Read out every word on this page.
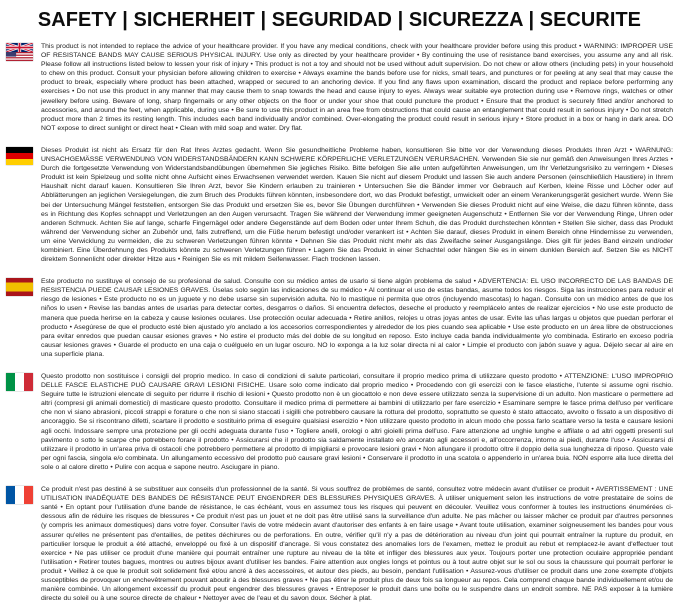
SAFETY | SICHERHEIT | SEGURIDAD | SICUREZZA | SECURITE
This product is not intended to replace the advice of your healthcare provider. If you have any medical conditions, check with your healthcare provider before using this product • WARNING: IMPROPER USE OF RESISTANCE BANDS MAY CAUSE SERIOUS PHYSICAL INJURY. Use only as directed by your healthcare provider • By continuing the use of resistance band exercises, you assume any and all risk. Please follow all instructions listed below to lessen your risk of injury • This product is not a toy and should not be used without adult supervision. Do not chew or allow others (including pets) in your household to chew on this product. Consult your physician before allowing children to exercise • Always examine the bands before use for nicks, small tears, and punctures or for peeling at any seal that may cause the product to break, especially where product has been attached, wrapped or secured to an anchoring device. If you find any flaws upon examination, discard the product and replace before performing any exercises • Do not use this product in any manner that may cause them to snap towards the head and cause injury to eyes. Always wear suitable eye protection during use • Remove rings, watches or other jewellery before using. Beware of long, sharp fingernails or any other objects on the floor or under your shoe that could puncture the product • Ensure that the product is securely fitted and/or anchored to accessories, and around the feet, when applicable, during use • Be sure to use this product in an area free from obstructions that could cause an entanglement that could result in serious injury • Do not stretch product more than 2 times its resting length. This includes each band individually and/or combined. Over-elongating the product could result in serious injury • Store product in a box or hang in dark area. DO NOT expose to direct sunlight or direct heat • Clean with mild soap and water. Dry flat.
Dieses Produkt ist nicht als Ersatz für den Rat Ihres Arztes gedacht. Wenn Sie gesundheitliche Probleme haben, konsultieren Sie bitte vor der Verwendung dieses Produkts Ihren Arzt • WARNUNG: UNSACHGEMÄSSE VERWENDUNG VON WIDERSTANDSBÄNDERN KANN SCHWERE KÖRPERLICHE VERLETZUNGEN VERURSACHEN. Verwenden Sie sie nur gemäß den Anweisungen Ihres Arztes • Durch die fortgesetzte Verwendung von Widerstandsbandübungen übernehmen Sie jegliches Risiko. Bitte befolgen Sie alle unten aufgeführten Anweisungen, um Ihr Verletzungsrisiko zu verringern • Dieses Produkt ist kein Spielzeug und sollte nicht ohne Aufsicht eines Erwachsenen verwendet werden. Kauen Sie nicht auf diesem Produkt und lassen Sie auch andere Personen (einschließlich Haustiere) in Ihrem Haushalt nicht darauf kauen. Konsultieren Sie Ihren Arzt, bevor Sie Kindern erlauben zu trainieren • Untersuchen Sie die Bänder immer vor Gebrauch auf Kerben, kleine Risse und Löcher oder auf Abblätterungen an jeglichen Versiegelungen, die zum Bruch des Produkts führen könnten, insbesondere dort, wo das Produkt befestigt, umwickelt oder an einem Verankerungsgerät gesichert wurde. Wenn Sie bei der Untersuchung Mängel feststellen, entsorgen Sie das Produkt und ersetzen Sie es, bevor Sie Übungen durchführen • Verwenden Sie dieses Produkt nicht auf eine Weise, die dazu führen könnte, dass es in Richtung des Kopfes schnappt und Verletzungen an den Augen verursacht. Tragen Sie während der Verwendung immer geeigneten Augenschutz • Entfernen Sie vor der Verwendung Ringe, Uhren oder anderen Schmuck. Achten Sie auf lange, scharfe Fingernägel oder andere Gegenstände auf dem Boden oder unter Ihrem Schuh, die das Produkt durchstechen könnten • Stellen Sie sicher, dass das Produkt während der Verwendung sicher an Zubehör und, falls zutreffend, um die Füße herum befestigt und/oder verankert ist • Achten Sie darauf, dieses Produkt in einem Bereich ohne Hindernisse zu verwenden, um eine Verwicklung zu vermeiden, die zu schweren Verletzungen führen könnte • Dehnen Sie das Produkt nicht mehr als das Zweifache seiner Ausgangslänge. Dies gilt für jedes Band einzeln und/oder kombiniert. Eine Überdehnung des Produkts könnte zu schweren Verletzungen führen • Lagern Sie das Produkt in einer Schachtel oder hängen Sie es in einem dunklen Bereich auf. Setzen Sie es NICHT direktem Sonnenlicht oder direkter Hitze aus • Reinigen Sie es mit mildem Seifenwasser. Flach trocknen lassen.
Este producto no sustituye el consejo de su profesional de salud. Consulte con su médico antes de usarlo si tiene algún problema de salud • ADVERTENCIA: EL USO INCORRECTO DE LAS BANDAS DE RESISTENCIA PUEDE CAUSAR LESIONES GRAVES. Úselas solo según las indicaciones de su médico • Al continuar el uso de estas bandas, asume todos los riesgos. Siga las instrucciones para reducir el riesgo de lesiones • Este producto no es un juguete y no debe usarse sin supervisión adulta. No lo mastique ni permita que otros (incluyendo mascotas) lo hagan. Consulte con un médico antes de que los niños lo usen • Revise las bandas antes de usarlas para detectar cortes, desgarros o daños. Si encuentra defectos, deseche el producto y reemplácelo antes de realizar ejercicios • No use este producto de manera que pueda herirse en la cabeza y cause lesiones oculares. Use protección ocular adecuada • Retire anillos, relojes u otras joyas antes de usar. Evite las uñas largas u objetos que puedan perforar el producto • Asegúrese de que el producto esté bien ajustado y/o anclado a los accesorios correspondientes y alrededor de los pies cuando sea aplicable • Use este producto en un área libre de obstrucciones para evitar enredos que puedan causar esiones graves • No estire el producto más del doble de su longitud en reposo. Esto incluye cada banda individualmente y/o combinada. Estirarlo en exceso podría causar lesiones graves • Guarde el producto en una caja o cuélguelo en un lugar oscuro. NO lo exponga a la luz solar directa ni al calor • Limpie el producto con jabón suave y agua. Déjelo secar al aire en una superficie plana.
Questo prodotto non sostituisce i consigli del proprio medico. In caso di condizioni di salute particolari, consultare il proprio medico prima di utilizzare questo prodotto • ATTENZIONE: L'USO IMPROPRIO DELLE FASCE ELASTICHE PUÒ CAUSARE GRAVI LESIONI FISICHE. Usare solo come indicato dal proprio medico • Procedendo con gli esercizi con le fasce elastiche, l'utente si assume ogni rischio. Seguire tutte le istruzioni elencate di seguito per ridurre il rischio di lesioni • Questo prodotto non è un giocattolo e non deve essere utilizzato senza la supervisione di un adulto. Non masticare o permettere ad altri (compresi gli animali domestici) di masticare questo prodotto. Consultare il medico prima di permettere ai bambini di utilizzarlo per fare esercizio • Esaminare sempre le fasce prima dell'uso per verificare che non vi siano abrasioni, piccoli strappi e forature o che non si siano staccati i sigilli che potrebbero causare la rottura del prodotto, soprattutto se questo è stato attaccato, avvolto o fissato a un dispositivo di ancoraggio. Se si riscontrano difetti, scartare il prodotto e sostituirlo prima di eseguire qualsiasi esercizio • Non utilizzare questo prodotto in alcun modo che possa farlo scattare verso la testa e causare lesioni agli occhi. Indossare sempre una protezione per gli occhi adeguata durante l'uso • Togliere anelli, orologi o altri gioielli prima dell'uso. Fare attenzione ad unghie lunghe e affilate o ad altri oggetti presenti sul pavimento o sotto le scarpe che potrebbero forare il prodotto • Assicurarsi che il prodotto sia saldamente installato e/o ancorato agli accessori e, all'occorrenza, intorno ai piedi, durante l'uso • Assicurarsi di utilizzare il prodotto in un'area priva di ostacoli che potrebbero permettere al prodotto di impigliarsi e provocare lesioni gravi • Non allungare il prodotto oltre il doppio della sua lunghezza di riposo. Questo vale per ogni fascia, singola e/o combinata. Un allungamento eccessivo del prodotto può causare gravi lesioni • Conservare il prodotto in una scatola o appenderlo in un'area buia. NON esporre alla luce diretta del sole o al calore diretto • Pulire con acqua e sapone neutro. Asciugare in piano.
Ce produit n'est pas destiné à se substituer aux conseils d'un professionnel de la santé. Si vous souffrez de problèmes de santé, consultez votre médecin avant d'utiliser ce produit • AVERTISSEMENT : UNE UTILISATION INADÉQUATE DES BANDES DE RÉSISTANCE PEUT ENGENDRER DES BLESSURES PHYSIQUES GRAVES. À utiliser uniquement selon les instructions de votre prestataire de soins de santé • En optant pour l'utilisation d'une bande de résistance, le cas échéant, vous en assumez tous les risques qui peuvent en découler. Veuillez vous conformer à toutes les instructions énumérées ci-dessous afin de réduire les risques de blessures • Ce produit n'est pas un jouet et ne doit pas être utilisé sans la surveillance d'un adulte. Ne pas mâcher ou laisser mâcher ce produit par d'autres personnes (y compris les animaux domestiques) dans votre foyer. Consulter l'avis de votre médecin avant d'autoriser des enfants à en faire usage • Avant toute utilisation, examiner soigneusement les bandes pour vous assurer qu'elles ne présentent pas d'entailles, de petites déchirures ou de perforations. En outre, vérifier qu'il n'y a pas de détérioration au niveau d'un joint qui pourrait entraîner la rupture du produit, en particulier lorsque le produit a été attaché, enveloppé ou fixé à un dispositif d'ancrage. Si vous constatez des anomalies lors de l'examen, mettez le produit au rebut et remplacez-le avant d'effectuer tout exercice • Ne pas utiliser ce produit d'une manière qui pourrait entraîner une rupture au niveau de la tête et infliger des blessures aux yeux. Toujours porter une protection oculaire appropriée pendant l'utilisation • Retirer toutes bagues, montres ou autres bijoux avant d'utiliser les bandes. Faire attention aux ongles longs et pointus ou à tout autre objet sur le sol ou sous la chaussure qui pourrait perforer le produit • Veillez à ce que le produit soit solidement fixé et/ou ancré à des accessoires, et autour des pieds, au besoin, pendant l'utilisation • Assurez-vous d'utiliser ce produit dans une zone exempte d'objets susceptibles de provoquer un enchevêtrement pouvant aboutir à des blessures graves • Ne pas étirer le produit plus de deux fois sa longueur au repos. Cela comprend chaque bande individuellement et/ou de manière combinée. Un allongement excessif du produit peut engendrer des blessures graves • Entreposer le produit dans une boîte ou le suspendre dans un endroit sombre. NE PAS exposer à la lumière directe du soleil ou à une source directe de chaleur • Nettoyer avec de l'eau et du savon doux. Sécher à plat.
